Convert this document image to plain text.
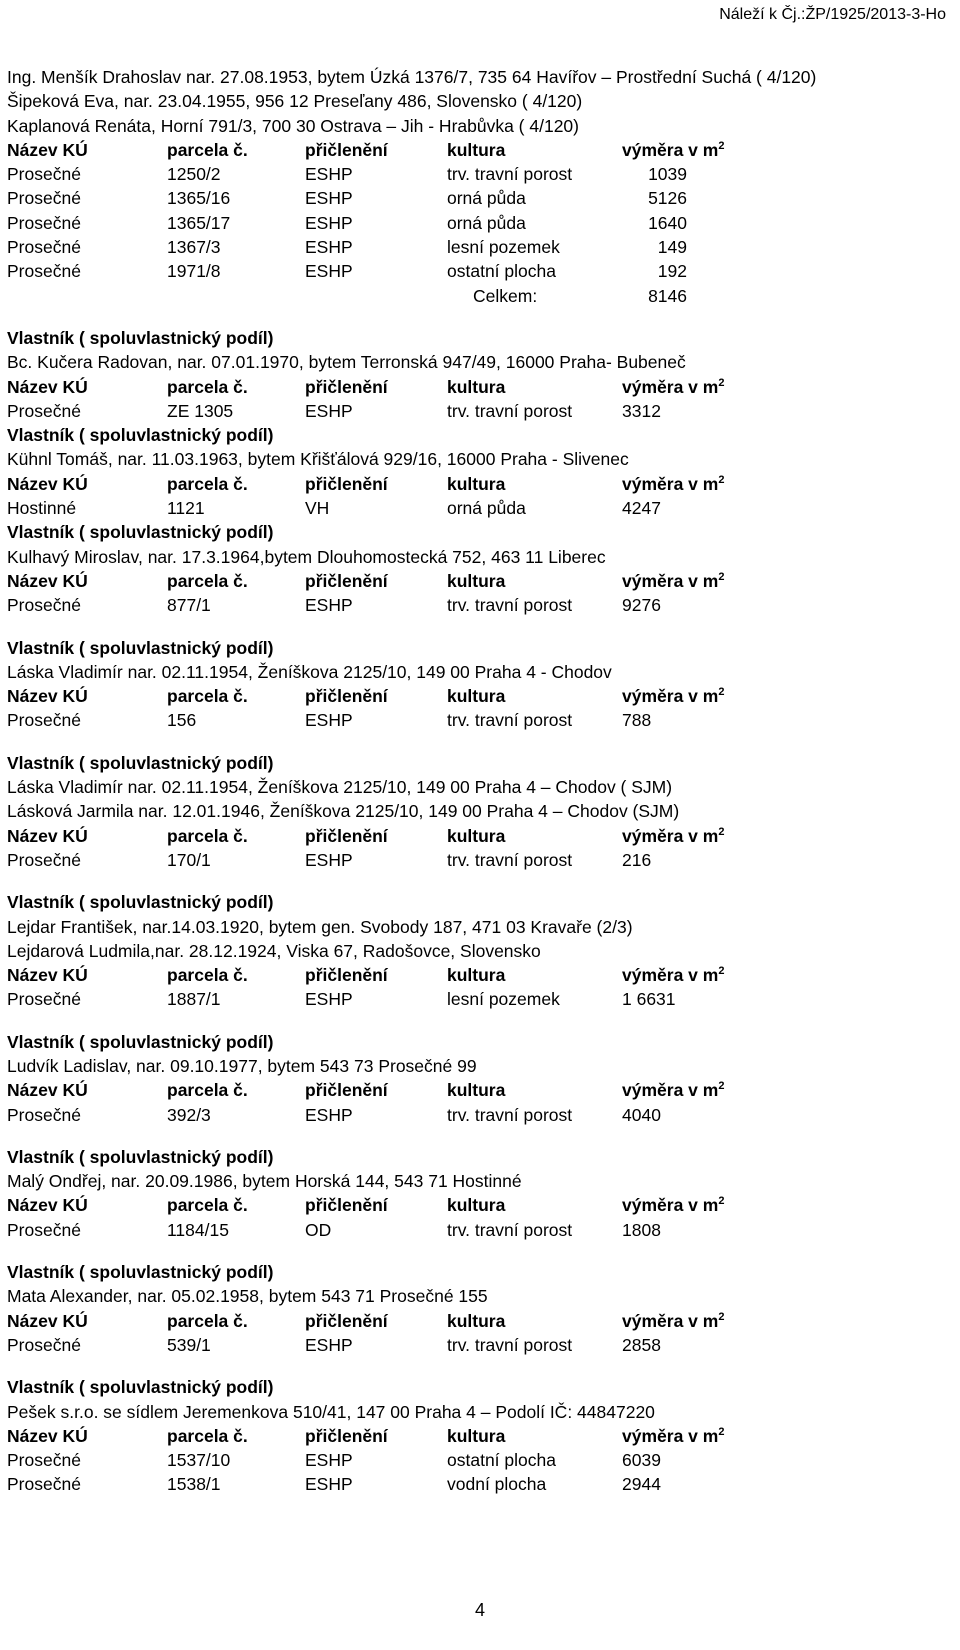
Náleží k Čj.:ŽP/1925/2013-3-Ho
Ing. Menšík Drahoslav nar. 27.08.1953, bytem Úzká 1376/7, 735 64 Havířov – Prostřední Suchá ( 4/120)
Šipeková Eva, nar. 23.04.1955, 956 12 Preseľany 486, Slovensko ( 4/120)
Kaplanová Renáta, Horní 791/3, 700 30 Ostrava – Jih - Hrabůvka ( 4/120)
Název KÚ	parcela č.	přičlenění	kultura	výměra v $m^2$
Prosečné	1250/2	ESHP	trv. travní porost	1039
Prosečné	1365/16	ESHP	orná půda	5126
Prosečné	1365/17	ESHP	orná půda	1640
Prosečné	1367/3	ESHP	lesní pozemek	149
Prosečné	1971/8	ESHP	ostatní plocha	192
Celkem:	8146
Vlastník ( spoluvlastnický podíl)
Bc. Kučera Radovan, nar. 07.01.1970, bytem Terronská 947/49, 16000 Praha- Bubeneč
Název KÚ	parcela č.	přičlenění	kultura	výměra v $m^2$
Prosečné	ZE 1305	ESHP	trv. travní porost	3312
Vlastník ( spoluvlastnický podíl)
Kühnl Tomáš, nar. 11.03.1963, bytem Křišťálová 929/16, 16000 Praha - Slivenec
Název KÚ	parcela č.	přičlenění	kultura	výměra v $m^2$
Hostinné	1121	VH	orná půda	4247
Vlastník ( spoluvlastnický podíl)
Kulhavý Miroslav, nar. 17.3.1964,bytem Dlouhomostecká 752, 463 11 Liberec
Název KÚ	parcela č.	přičlenění	kultura	výměra v $m^2$
Prosečné	877/1	ESHP	trv. travní porost	9276
Vlastník ( spoluvlastnický podíl)
Láska Vladimír nar. 02.11.1954, Ženíškova 2125/10, 149 00 Praha 4 - Chodov
Název KÚ	parcela č.	přičlenění	kultura	výměra v $m^2$
Prosečné	156	ESHP	trv. travní porost	788
Vlastník ( spoluvlastnický podíl)
Láska Vladimír nar. 02.11.1954, Ženíškova 2125/10, 149 00 Praha 4 – Chodov ( SJM)
Lásková Jarmila nar. 12.01.1946, Ženíškova 2125/10, 149 00 Praha 4 – Chodov (SJM)
Název KÚ	parcela č.	přičlenění	kultura	výměra v $m^2$
Prosečné	170/1	ESHP	trv. travní porost	216
Vlastník ( spoluvlastnický podíl)
Lejdar František, nar.14.03.1920, bytem gen. Svobody 187, 471 03 Kravaře (2/3)
Lejdarová Ludmila,nar. 28.12.1924, Viska 67, Radošovce, Slovensko
Název KÚ	parcela č.	přičlenění	kultura	výměra v $m^2$
Prosečné	1887/1	ESHP	lesní pozemek	1 6631
Vlastník ( spoluvlastnický podíl)
Ludvík Ladislav, nar. 09.10.1977, bytem 543 73 Prosečné 99
Název KÚ	parcela č.	přičlenění	kultura	výměra v $m^2$
Prosečné	392/3	ESHP	trv. travní porost	4040
Vlastník ( spoluvlastnický podíl)
Malý Ondřej, nar. 20.09.1986, bytem Horská 144, 543 71 Hostinné
Název KÚ	parcela č.	přičlenění	kultura	výměra v $m^2$
Prosečné	1184/15	OD	trv. travní porost	1808
Vlastník ( spoluvlastnický podíl)
Mata Alexander, nar. 05.02.1958, bytem 543 71 Prosečné 155
Název KÚ	parcela č.	přičlenění	kultura	výměra v $m^2$
Prosečné	539/1	ESHP	trv. travní porost	2858
Vlastník ( spoluvlastnický podíl)
Pešek s.r.o. se sídlem Jeremenkova 510/41, 147 00 Praha 4 – Podolí IČ: 44847220
Název KÚ	parcela č.	přičlenění	kultura	výměra v $m^2$
Prosečné	1537/10	ESHP	ostatní plocha	6039
Prosečné	1538/1	ESHP	vodní plocha	2944
4
